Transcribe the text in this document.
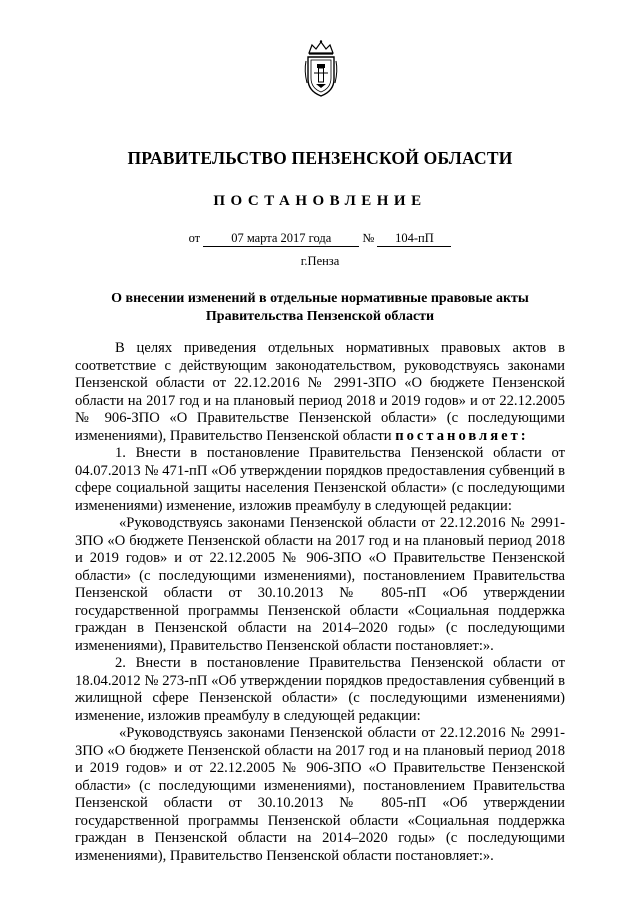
ПРАВИТЕЛЬСТВО ПЕНЗЕНСКОЙ ОБЛАСТИ
ПОСТАНОВЛЕНИЕ
от 07 марта 2017 года № 104-пП
г.Пенза
О внесении изменений в отдельные нормативные правовые акты
Правительства Пензенской области

В целях приведения отдельных нормативных правовых актов в соответствие с действующим законодательством, руководствуясь законами Пензенской области от 22.12.2016 № 2991-ЗПО «О бюджете Пензенской области на 2017 год и на плановый период 2018 и 2019 годов» и от 22.12.2005 № 906-ЗПО «О Правительстве Пензенской области» (с последующими изменениями), Правительство Пензенской области постановляет:

1. Внести в постановление Правительства Пензенской области от 04.07.2013 № 471-пП «Об утверждении порядков предоставления субвенций в сфере социальной защиты населения Пензенской области» (с последующими изменениями) изменение, изложив преамбулу в следующей редакции:

«Руководствуясь законами Пензенской области от 22.12.2016 № 2991-ЗПО «О бюджете Пензенской области на 2017 год и на плановый период 2018 и 2019 годов» и от 22.12.2005 № 906-ЗПО «О Правительстве Пензенской области» (с последующими изменениями), постановлением Правительства Пензенской области от 30.10.2013 № 805-пП «Об утверждении государственной программы Пензенской области «Социальная поддержка граждан в Пензенской области на 2014–2020 годы» (с последующими изменениями), Правительство Пензенской области постановляет:».

2. Внести в постановление Правительства Пензенской области от 18.04.2012 № 273-пП «Об утверждении порядков предоставления субвенций в жилищной сфере Пензенской области» (с последующими изменениями) изменение, изложив преамбулу в следующей редакции:

«Руководствуясь законами Пензенской области от 22.12.2016 № 2991-ЗПО «О бюджете Пензенской области на 2017 год и на плановый период 2018 и 2019 годов» и от 22.12.2005 № 906-ЗПО «О Правительстве Пензенской области» (с последующими изменениями), постановлением Правительства Пензенской области от 30.10.2013 № 805-пП «Об утверждении государственной программы Пензенской области «Социальная поддержка граждан в Пензенской области на 2014–2020 годы» (с последующими изменениями), Правительство Пензенской области постановляет:».
